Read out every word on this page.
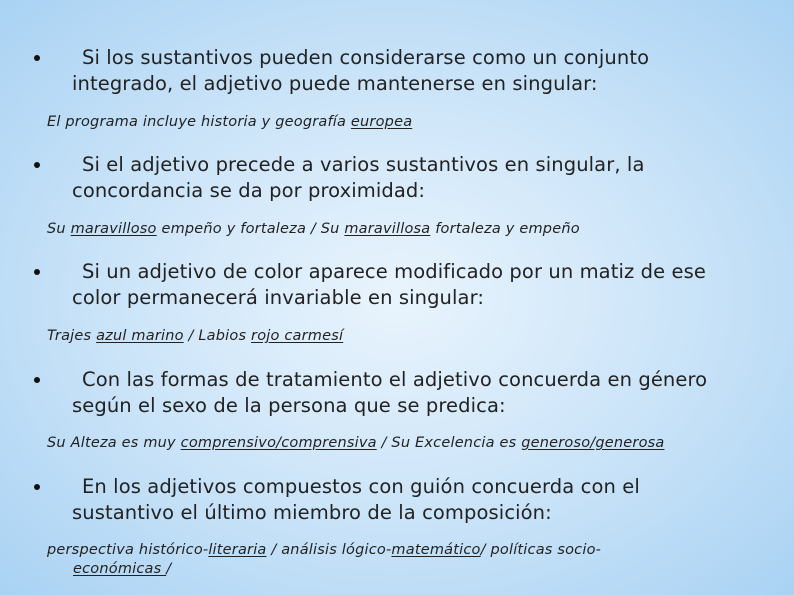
Si los sustantivos pueden considerarse como un conjunto
integrado, el adjetivo puede mantenerse en singular:
El programa incluye historia y geografía europea
Si el adjetivo precede a varios sustantivos en singular, la
concordancia se da por proximidad:
Su maravilloso empeño y fortaleza / Su maravillosa fortaleza y empeño
Si un adjetivo de color aparece modificado por un matiz de ese
color permanecerá invariable en singular:
Trajes azul marino / Labios rojo carmesí
Con las formas de tratamiento el adjetivo concuerda en género
según el sexo de la persona que se predica:
Su Alteza es muy comprensivo/comprensiva / Su Excelencia es generoso/generosa
En los adjetivos compuestos con guión concuerda con el
sustantivo el último miembro de la composición:
perspectiva histórico-literaria / análisis lógico-matemático/ políticas socio-
económicas /
